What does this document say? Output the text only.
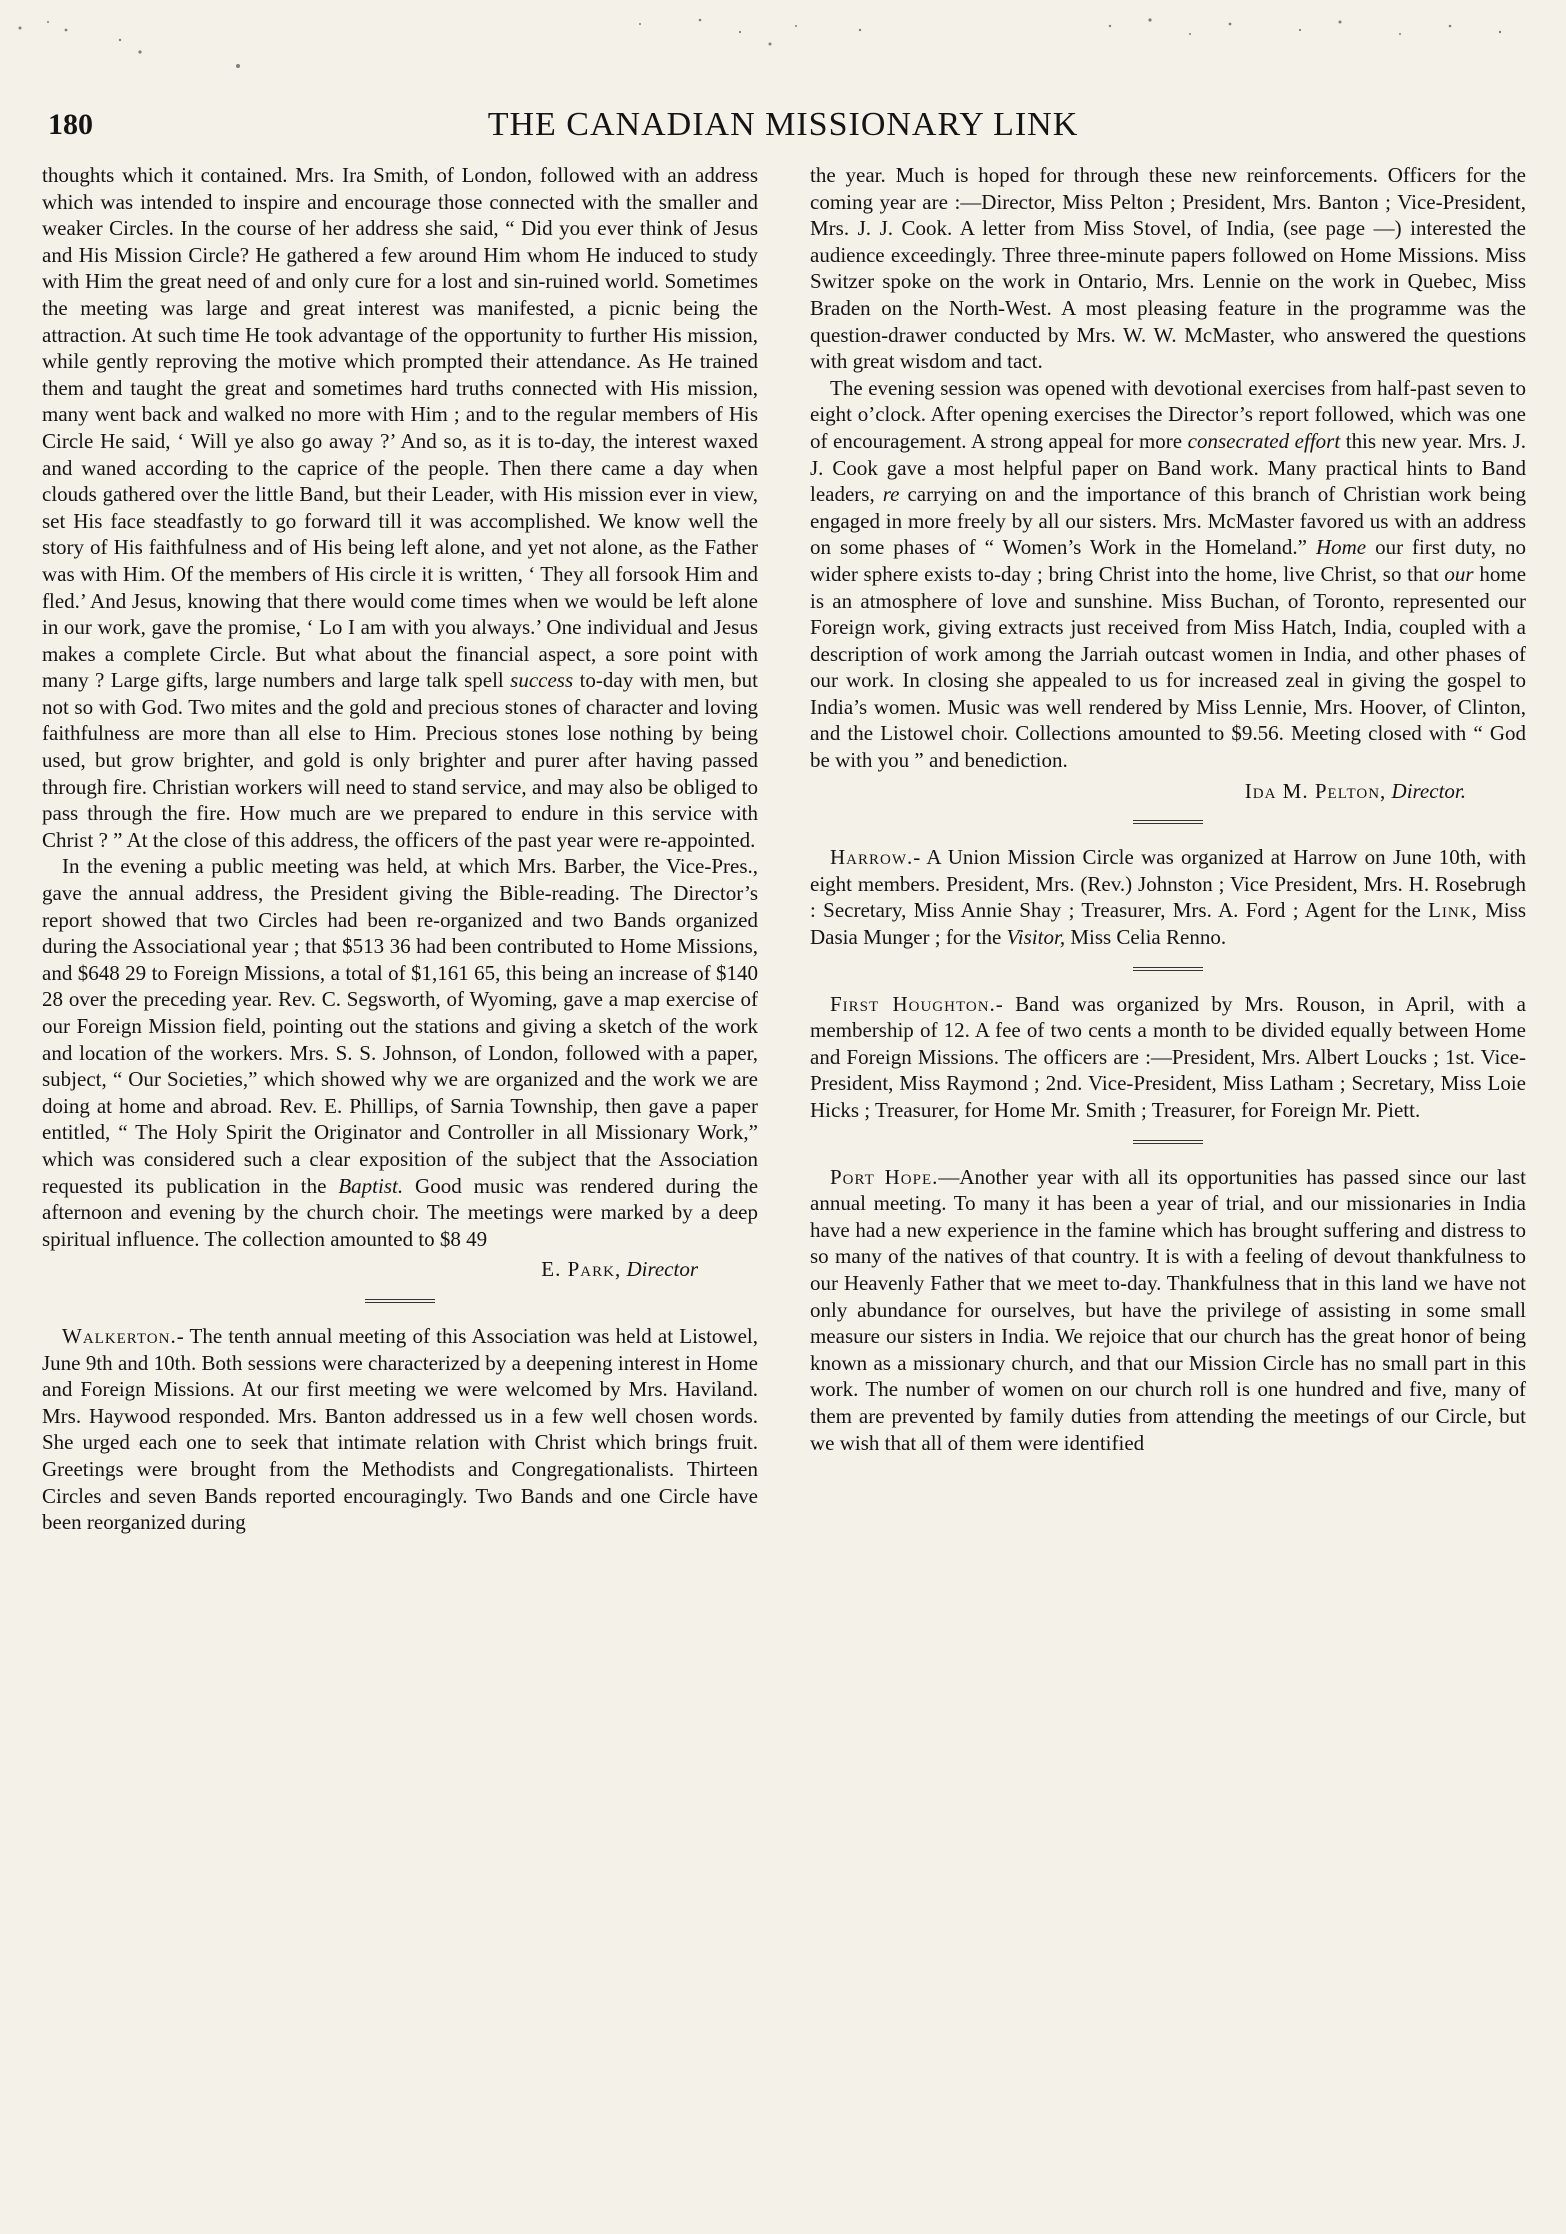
180	THE CANADIAN MISSIONARY LINK

thoughts which it contained. Mrs. Ira Smith, of London, followed with an address which was intended to inspire and encourage those connected with the smaller and weaker Circles. In the course of her address she said, “ Did you ever think of Jesus and His Mission Circle? He gathered a few around Him whom He induced to study with Him the great need of and only cure for a lost and sin-ruined world. Sometimes the meeting was large and great interest was manifested, a picnic being the attraction. At such time He took advantage of the opportunity to further His mission, while gently reproving the motive which prompted their attendance. As He trained them and taught the great and sometimes hard truths connected with His mission, many went back and walked no more with Him ; and to the regular members of His Circle He said, ‘ Will ye also go away ?’ And so, as it is to-day, the interest waxed and waned according to the caprice of the people. Then there came a day when clouds gathered over the little Band, but their Leader, with His mission ever in view, set His face steadfastly to go forward till it was accomplished. We know well the story of His faithfulness and of His being left alone, and yet not alone, as the Father was with Him. Of the members of His circle it is written, ‘ They all forsook Him and fled.’ And Jesus, knowing that there would come times when we would be left alone in our work, gave the promise, ‘ Lo I am with you always.’ One individual and Jesus makes a complete Circle. But what about the financial aspect, a sore point with many ? Large gifts, large numbers and large talk spell success to-day with men, but not so with God. Two mites and the gold and precious stones of character and loving faithfulness are more than all else to Him. Precious stones lose nothing by being used, but grow brighter, and gold is only brighter and purer after having passed through fire. Christian workers will need to stand service, and may also be obliged to pass through the fire. How much are we prepared to endure in this service with Christ ? ” At the close of this address, the officers of the past year were re-appointed.

In the evening a public meeting was held, at which Mrs. Barber, the Vice-Pres., gave the annual address, the President giving the Bible-reading. The Director’s report showed that two Circles had been re-organized and two Bands organized during the Associational year ; that $513 36 had been contributed to Home Missions, and $648 29 to Foreign Missions, a total of $1,161 65, this being an increase of $140 28 over the preceding year. Rev. C. Segsworth, of Wyoming, gave a map exercise of our Foreign Mission field, pointing out the stations and giving a sketch of the work and location of the workers. Mrs. S. S. Johnson, of London, followed with a paper, subject, “ Our Societies,” which showed why we are organized and the work we are doing at home and abroad. Rev. E. Phillips, of Sarnia Township, then gave a paper entitled, “ The Holy Spirit the Originator and Controller in all Missionary Work,” which was considered such a clear exposition of the subject that the Association requested its publication in the Baptist. Good music was rendered during the afternoon and evening by the church choir. The meetings were marked by a deep spiritual influence. The collection amounted to $8 49

E. Park, Director

Walkerton.- The tenth annual meeting of this Association was held at Listowel, June 9th and 10th. Both sessions were characterized by a deepening interest in Home and Foreign Missions. At our first meeting we were welcomed by Mrs. Haviland. Mrs. Haywood responded. Mrs. Banton addressed us in a few well chosen words. She urged each one to seek that intimate relation with Christ which brings fruit. Greetings were brought from the Methodists and Congregationalists. Thirteen Circles and seven Bands reported encouragingly. Two Bands and one Circle have been reorganized during

the year. Much is hoped for through these new reinforcements. Officers for the coming year are :—Director, Miss Pelton ; President, Mrs. Banton ; Vice-President, Mrs. J. J. Cook. A letter from Miss Stovel, of India, (see page —) interested the audience exceedingly. Three three-minute papers followed on Home Missions. Miss Switzer spoke on the work in Ontario, Mrs. Lennie on the work in Quebec, Miss Braden on the North-West. A most pleasing feature in the programme was the question-drawer conducted by Mrs. W. W. McMaster, who answered the questions with great wisdom and tact.

The evening session was opened with devotional exercises from half-past seven to eight o’clock. After opening exercises the Director’s report followed, which was one of encouragement. A strong appeal for more consecrated effort this new year. Mrs. J. J. Cook gave a most helpful paper on Band work. Many practical hints to Band leaders, re carrying on and the importance of this branch of Christian work being engaged in more freely by all our sisters. Mrs. McMaster favored us with an address on some phases of “ Women’s Work in the Homeland.” Home our first duty, no wider sphere exists to-day ; bring Christ into the home, live Christ, so that our home is an atmosphere of love and sunshine. Miss Buchan, of Toronto, represented our Foreign work, giving extracts just received from Miss Hatch, India, coupled with a description of work among the Jarriah outcast women in India, and other phases of our work. In closing she appealed to us for increased zeal in giving the gospel to India’s women. Music was well rendered by Miss Lennie, Mrs. Hoover, of Clinton, and the Listowel choir. Collections amounted to $9.56. Meeting closed with “ God be with you ” and benediction.

Ida M. Pelton, Director.

Harrow.- A Union Mission Circle was organized at Harrow on June 10th, with eight members. President, Mrs. (Rev.) Johnston ; Vice President, Mrs. H. Rosebrugh : Secretary, Miss Annie Shay ; Treasurer, Mrs. A. Ford ; Agent for the Link, Miss Dasia Munger ; for the Visitor, Miss Celia Renno.

First Houghton.- Band was organized by Mrs. Rouson, in April, with a membership of 12. A fee of two cents a month to be divided equally between Home and Foreign Missions. The officers are :—President, Mrs. Albert Loucks ; 1st. Vice-President, Miss Raymond ; 2nd. Vice-President, Miss Latham ; Secretary, Miss Loie Hicks ; Treasurer, for Home Mr. Smith ; Treasurer, for Foreign Mr. Piett.

Port Hope.—Another year with all its opportunities has passed since our last annual meeting. To many it has been a year of trial, and our missionaries in India have had a new experience in the famine which has brought suffering and distress to so many of the natives of that country. It is with a feeling of devout thankfulness to our Heavenly Father that we meet to-day. Thankfulness that in this land we have not only abundance for ourselves, but have the privilege of assisting in some small measure our sisters in India. We rejoice that our church has the great honor of being known as a missionary church, and that our Mission Circle has no small part in this work. The number of women on our church roll is one hundred and five, many of them are prevented by family duties from attending the meetings of our Circle, but we wish that all of them were identified
